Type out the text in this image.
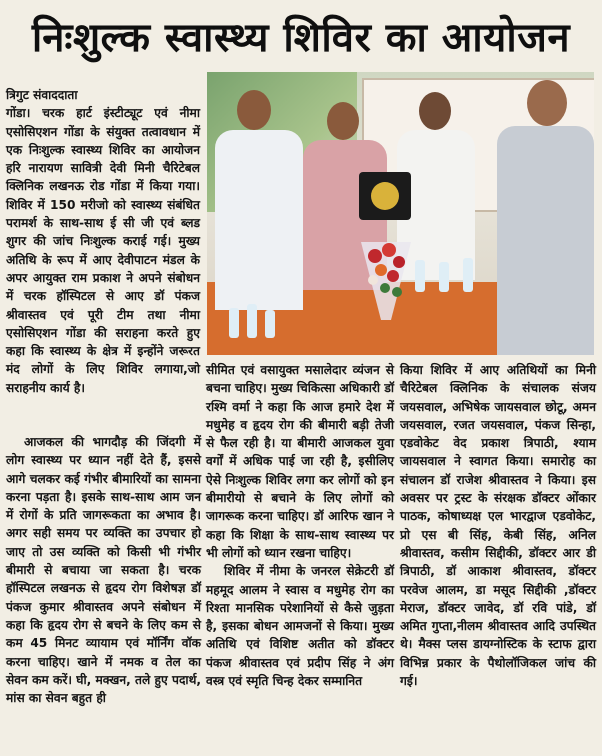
निःशुल्क स्वास्थ्य शिविर का आयोजन

त्रिगुट संवाददाता

गोंडा। चरक हार्ट इंस्टीट्यूट एवं नीमा एसोसिएशन गोंडा के संयुक्त तत्वावधान में एक निःशुल्क स्वास्थ्य शिविर का आयोजन हरि नारायण सावित्री देवी मिनी चैरिटेबल क्लिनिक लखनऊ रोड गोंडा में किया गया। शिविर में 150 मरीजो को स्वास्थ्य संबंधित परामर्श के साथ-साथ ई सी जी एवं ब्लड शुगर की जांच निःशुल्क कराई गई। मुख्य अतिथि के रूप में आए देवीपाटन मंडल के अपर आयुक्त राम प्रकाश ने अपने संबोधन में चरक हॉस्पिटल से आए डॉ पंकज श्रीवास्तव एवं पूरी टीम तथा नीमा एसोसिएशन गोंडा की सराहना करते हुए कहा कि स्वास्थ्य के क्षेत्र में इन्होंने जरूरत मंद लोगों के लिए शिविर लगाया,जो सराहनीय कार्य है।

आजकल की भागदौड़ की जिंदगी में लोग स्वास्थ्य पर ध्यान नहीं देते हैं, इससे आगे चलकर कई गंभीर बीमारियों का सामना करना पड़ता है। इसके साथ-साथ आम जन में रोगों के प्रति जागरूकता का अभाव है। अगर सही समय पर व्यक्ति का उपचार हो जाए तो उस व्यक्ति को किसी भी गंभीर बीमारी से बचाया जा सकता है। चरक हॉस्पिटल लखनऊ से हृदय रोग विशेषज्ञ डॉ पंकज कुमार श्रीवास्तव अपने संबोधन में कहा कि हृदय रोग से बचने के लिए कम से कम 45 मिनट व्यायाम एवं मॉर्निंग वॉक करना चाहिए। खाने में नमक व तेल का सेवन कम करें। घी, मक्खन, तले हुए पदार्थ, मांस का सेवन बहुत ही

सीमित एवं वसायुक्त मसालेदार व्यंजन से बचना चाहिए। मुख्य चिकित्सा अधिकारी डॉ रश्मि वर्मा ने कहा कि आज हमारे देश में मधुमेह व हृदय रोग की बीमारी बड़ी तेजी से फैल रही है। या बीमारी आजकल युवा वर्गों में अधिक पाई जा रही है, इसीलिए ऐसे निःशुल्क शिविर लगा कर लोगों को इन बीमारीयो से बचाने के लिए लोगों को जागरूक करना चाहिए। डॉ आरिफ खान ने कहा कि शिक्षा के साथ-साथ स्वास्थ्य पर भी लोगों को ध्यान रखना चाहिए।

शिविर में नीमा के जनरल सेक्रेटरी डॉ महमूद आलम ने स्वास व मधुमेह रोग का रिश्ता मानसिक परेशानियों से कैसे जुड़ता है, इसका बोधन आमजनों से किया। मुख्य अतिथि एवं विशिष्ट अतीत को डॉक्टर पंकज श्रीवास्तव एवं प्रदीप सिंह ने अंग वस्त्र एवं स्मृति चिन्ह देकर सम्मानित

किया शिविर में आए अतिथियों का मिनी चैरिटेबल क्लिनिक के संचालक संजय जयसवाल, अभिषेक जायसवाल छोटू, अमन जयसवाल, रजत जयसवाल, पंकज सिन्हा, एडवोकेट वेद प्रकाश त्रिपाठी, श्याम जायसवाल ने स्वागत किया। समारोह का संचालन डॉ राजेश श्रीवास्तव ने किया। इस अवसर पर ट्रस्ट के संरक्षक डॉक्टर ओंकार पाठक, कोषाध्यक्ष एल भारद्वाज एडवोकेट, प्रो एस बी सिंह, केबी सिंह, अनिल श्रीवास्तव, कसीम सिद्दीकी, डॉक्टर आर डी त्रिपाठी, डॉ आकाश श्रीवास्तव, डॉक्टर परवेज आलम, डा मसूद सिद्दीकी ,डॉक्टर मेराज, डॉक्टर जावेद, डॉ रवि पांडे, डॉ अमित गुप्ता,नीलम श्रीवास्तव आदि उपस्थित थे। मैक्स प्लस डायग्नोस्टिक के स्टाफ द्वारा विभिन्न प्रकार के पैथोलॉजिकल जांच की गई।
